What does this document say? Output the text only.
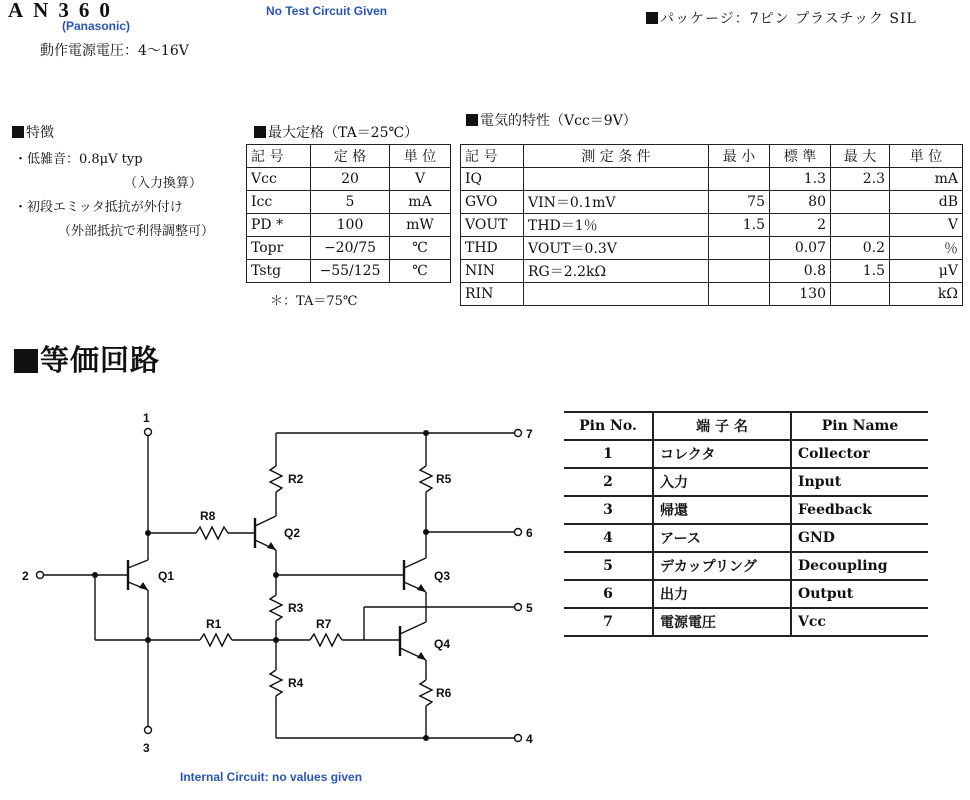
AN360
(Panasonic)
No Test Circuit Given
動作電源電圧：4〜16V
パッケージ：7ピン プラスチック SIL
特徴
・低雑音：0.8μV typ
（入力換算）
・初段エミッタ抵抗が外付け
（外部抵抗で利得調整可）
最大定格（TA＝25℃）
記 号	定 格	単 位
Vcc	20	V
Icc	5	mA
PD *	100	mW
Topr	−20/75	℃
Tstg	−55/125	℃
＊：TA＝75℃
電気的特性（Vcc＝9V）
記 号	測 定 条 件	最 小	標 準	最 大	単 位
IQ			1.3	2.3	mA
GVO	VIN＝0.1mV	75	80		dB
VOUT	THD＝1％	1.5	2		V
THD	VOUT＝0.3V		0.07	0.2	％
NIN	RG＝2.2kΩ		0.8	1.5	μV
RIN			130		kΩ
等価回路
1
2
3
4
5
6
7
R1
R2
R3
R4
R5
R6
R7
R8
Q1
Q2
Q3
Q4
Internal Circuit: no values given
Pin No.	端 子 名	Pin Name
1	コレクタ	Collector
2	入力	Input
3	帰還	Feedback
4	アース	GND
5	デカップリング	Decoupling
6	出力	Output
7	電源電圧	Vcc
